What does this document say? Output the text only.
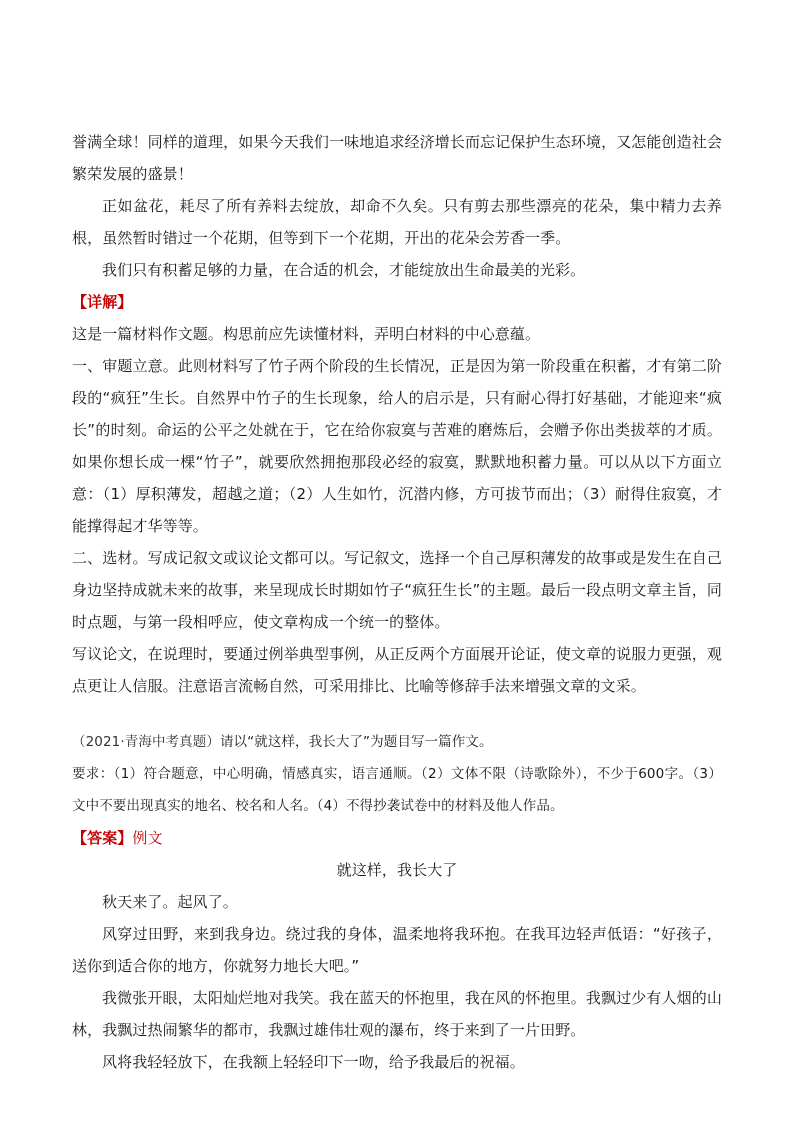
誉满全球！同样的道理，如果今天我们一味地追求经济增长而忘记保护生态环境，又怎能创造社会繁荣发展的盛景！

正如盆花，耗尽了所有养料去绽放，却命不久矣。只有剪去那些漂亮的花朵，集中精力去养根，虽然暂时错过一个花期，但等到下一个花期，开出的花朵会芳香一季。

我们只有积蓄足够的力量，在合适的机会，才能绽放出生命最美的光彩。

【详解】

这是一篇材料作文题。构思前应先读懂材料，弄明白材料的中心意蕴。

一、审题立意。此则材料写了竹子两个阶段的生长情况，正是因为第一阶段重在积蓄，才有第二阶段的“疯狂”生长。自然界中竹子的生长现象，给人的启示是，只有耐心得打好基础，才能迎来“疯长”的时刻。命运的公平之处就在于，它在给你寂寞与苦难的磨炼后，会赠予你出类拔萃的才质。如果你想长成一棵“竹子”，就要欣然拥抱那段必经的寂寞，默默地积蓄力量。可以从以下方面立意：（1）厚积薄发，超越之道；（2）人生如竹，沉潜内修，方可拔节而出；（3）耐得住寂寞，才能撑得起才华等等。

二、选材。写成记叙文或议论文都可以。写记叙文，选择一个自己厚积薄发的故事或是发生在自己身边坚持成就未来的故事，来呈现成长时期如竹子“疯狂生长”的主题。最后一段点明文章主旨，同时点题，与第一段相呼应，使文章构成一个统一的整体。

写议论文，在说理时，要通过例举典型事例，从正反两个方面展开论证，使文章的说服力更强，观点更让人信服。注意语言流畅自然，可采用排比、比喻等修辞手法来增强文章的文采。

（2021·青海中考真题）请以“就这样，我长大了”为题目写一篇作文。

要求：（1）符合题意，中心明确，情感真实，语言通顺。（2）文体不限（诗歌除外），不少于600字。（3）文中不要出现真实的地名、校名和人名。（4）不得抄袭试卷中的材料及他人作品。

【答案】例文

就这样，我长大了

秋天来了。起风了。

风穿过田野，来到我身边。绕过我的身体，温柔地将我环抱。在我耳边轻声低语：“好孩子，送你到适合你的地方，你就努力地长大吧。”

我微张开眼，太阳灿烂地对我笑。我在蓝天的怀抱里，我在风的怀抱里。我飘过少有人烟的山林，我飘过热闹繁华的都市，我飘过雄伟壮观的瀑布，终于来到了一片田野。

风将我轻轻放下，在我额上轻轻印下一吻，给予我最后的祝福。
